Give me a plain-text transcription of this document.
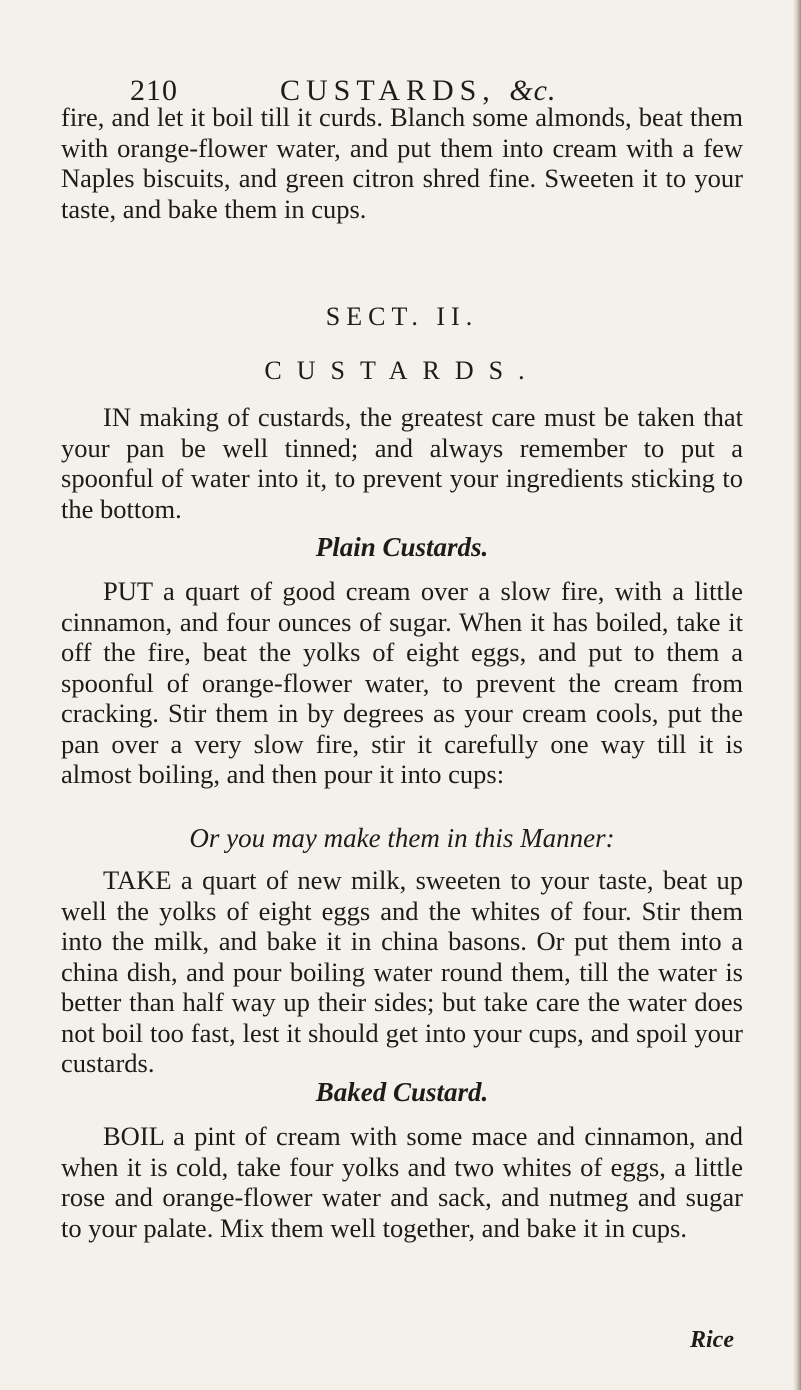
210	CUSTARDS, &c.

fire, and let it boil till it curds. Blanch some almonds, beat them with orange-flower water, and put them into cream with a few Naples biscuits, and green citron shred fine. Sweeten it to your taste, and bake them in cups.

SECT. II.
CUSTARDS.

IN making of custards, the greatest care must be taken that your pan be well tinned; and always remember to put a spoonful of water into it, to prevent your ingredients sticking to the bottom.

Plain Custards.

PUT a quart of good cream over a slow fire, with a little cinnamon, and four ounces of sugar. When it has boiled, take it off the fire, beat the yolks of eight eggs, and put to them a spoonful of orange-flower water, to prevent the cream from cracking. Stir them in by degrees as your cream cools, put the pan over a very slow fire, stir it carefully one way till it is almost boiling, and then pour it into cups:

Or you may make them in this Manner:

TAKE a quart of new milk, sweeten to your taste, beat up well the yolks of eight eggs and the whites of four. Stir them into the milk, and bake it in china basons. Or put them into a china dish, and pour boiling water round them, till the water is better than half way up their sides; but take care the water does not boil too fast, lest it should get into your cups, and spoil your custards.

Baked Custard.

BOIL a pint of cream with some mace and cinnamon, and when it is cold, take four yolks and two whites of eggs, a little rose and orange-flower water and sack, and nutmeg and sugar to your palate. Mix them well together, and bake it in cups.

Rice
